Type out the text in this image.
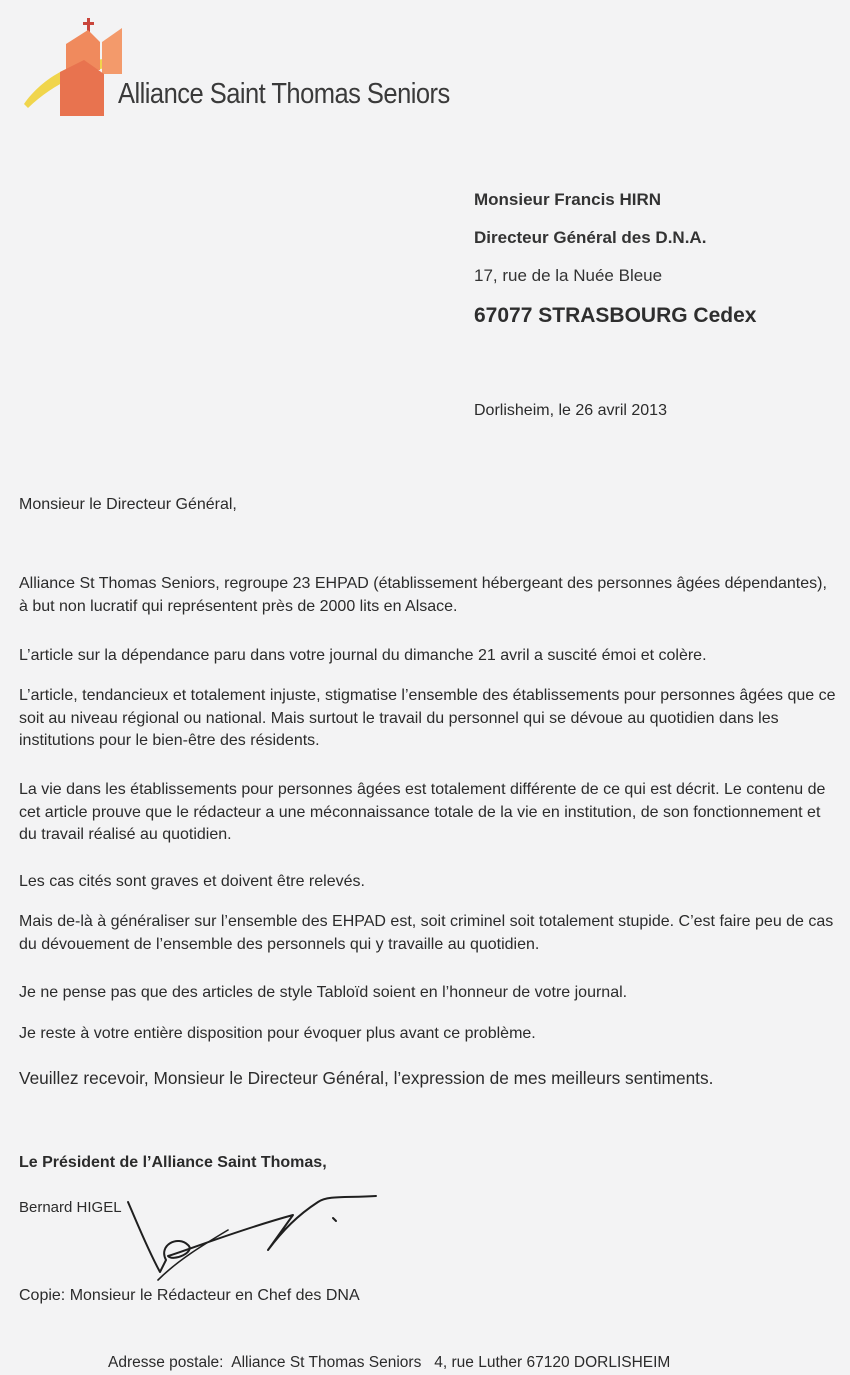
Alliance Saint Thomas Seniors
Monsieur Francis HIRN
Directeur Général des D.N.A.
17, rue de la Nuée Bleue
67077 STRASBOURG Cedex
Dorlisheim, le 26 avril 2013
Monsieur le Directeur Général,
Alliance St Thomas Seniors, regroupe 23 EHPAD (établissement hébergeant des personnes âgées dépendantes), à but non lucratif qui représentent près de 2000 lits en Alsace.
L’article sur la dépendance paru dans votre journal du dimanche 21 avril a suscité émoi et colère.
L’article, tendancieux et totalement injuste, stigmatise l’ensemble des établissements pour personnes âgées que ce soit au niveau régional ou national. Mais surtout le travail du personnel qui se dévoue au quotidien dans les institutions pour le bien-être des résidents.
La vie dans les établissements pour personnes âgées est totalement différente de ce qui est décrit. Le contenu de cet article prouve que le rédacteur a une méconnaissance totale de la vie en institution, de son fonctionnement et du travail réalisé au quotidien.
Les cas cités sont graves et doivent être relevés.
Mais de-là à généraliser sur l’ensemble des EHPAD est, soit criminel soit totalement stupide. C’est faire peu de cas du dévouement de l’ensemble des personnels qui y travaille au quotidien.
Je ne pense pas que des articles de style Tabloïd soient en l’honneur de votre journal.
Je reste à votre entière disposition pour évoquer plus avant ce problème.
Veuillez recevoir, Monsieur le Directeur Général, l’expression de mes meilleurs sentiments.
Le Président de l’Alliance Saint Thomas,
Bernard HIGEL
Copie: Monsieur le Rédacteur en Chef des DNA
Adresse postale: Alliance St Thomas Seniors 4, rue Luther 67120 DORLISHEIM
